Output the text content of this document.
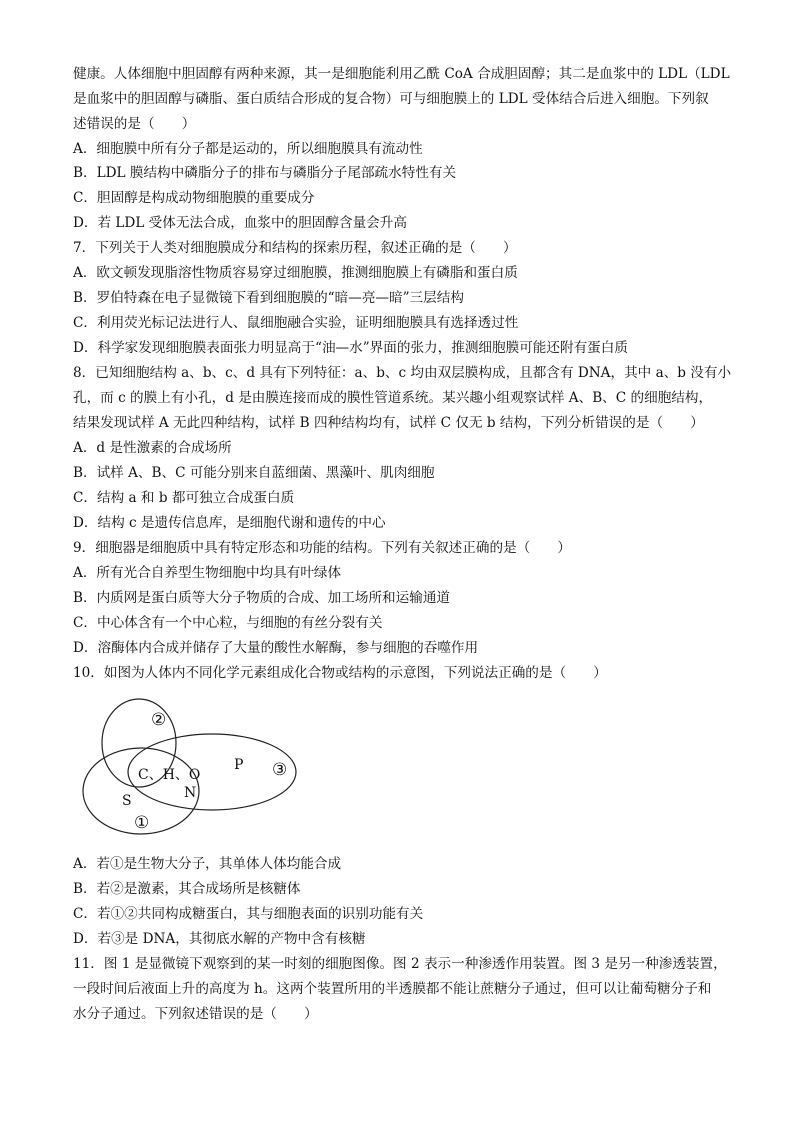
健康。人体细胞中胆固醇有两种来源，其一是细胞能利用乙酰 CoA 合成胆固醇；其二是血浆中的 LDL（LDL
是血浆中的胆固醇与磷脂、蛋白质结合形成的复合物）可与细胞膜上的 LDL 受体结合后进入细胞。下列叙
述错误的是（　　）
A．细胞膜中所有分子都是运动的，所以细胞膜具有流动性
B．LDL 膜结构中磷脂分子的排布与磷脂分子尾部疏水特性有关
C．胆固醇是构成动物细胞膜的重要成分
D．若 LDL 受体无法合成，血浆中的胆固醇含量会升高
7．下列关于人类对细胞膜成分和结构的探索历程，叙述正确的是（　　）
A．欧文顿发现脂溶性物质容易穿过细胞膜，推测细胞膜上有磷脂和蛋白质
B．罗伯特森在电子显微镜下看到细胞膜的“暗—亮—暗”三层结构
C．利用荧光标记法进行人、鼠细胞融合实验，证明细胞膜具有选择透过性
D．科学家发现细胞膜表面张力明显高于“油—水”界面的张力，推测细胞膜可能还附有蛋白质
8．已知细胞结构 a、b、c、d 具有下列特征：a、b、c 均由双层膜构成，且都含有 DNA，其中 a、b 没有小
孔，而 c 的膜上有小孔，d 是由膜连接而成的膜性管道系统。某兴趣小组观察试样 A、B、C 的细胞结构，
结果发现试样 A 无此四种结构，试样 B 四种结构均有，试样 C 仅无 b 结构，下列分析错误的是（　　）
A．d 是性激素的合成场所
B．试样 A、B、C 可能分别来自蓝细菌、黑藻叶、肌肉细胞
C．结构 a 和 b 都可独立合成蛋白质
D．结构 c 是遗传信息库，是细胞代谢和遗传的中心
9．细胞器是细胞质中具有特定形态和功能的结构。下列有关叙述正确的是（　　）
A．所有光合自养型生物细胞中均具有叶绿体
B．内质网是蛋白质等大分子物质的合成、加工场所和运输通道
C．中心体含有一个中心粒，与细胞的有丝分裂有关
D．溶酶体内合成并储存了大量的酸性水解酶，参与细胞的吞噬作用
10．如图为人体内不同化学元素组成化合物或结构的示意图，下列说法正确的是（　　）
②
C、H、O
P ③
N
S
①
A．若①是生物大分子，其单体人体均能合成
B．若②是激素，其合成场所是核糖体
C．若①②共同构成糖蛋白，其与细胞表面的识别功能有关
D．若③是 DNA，其彻底水解的产物中含有核糖
11．图 1 是显微镜下观察到的某一时刻的细胞图像。图 2 表示一种渗透作用装置。图 3 是另一种渗透装置，
一段时间后液面上升的高度为 h。这两个装置所用的半透膜都不能让蔗糖分子通过，但可以让葡萄糖分子和
水分子通过。下列叙述错误的是（　　）
